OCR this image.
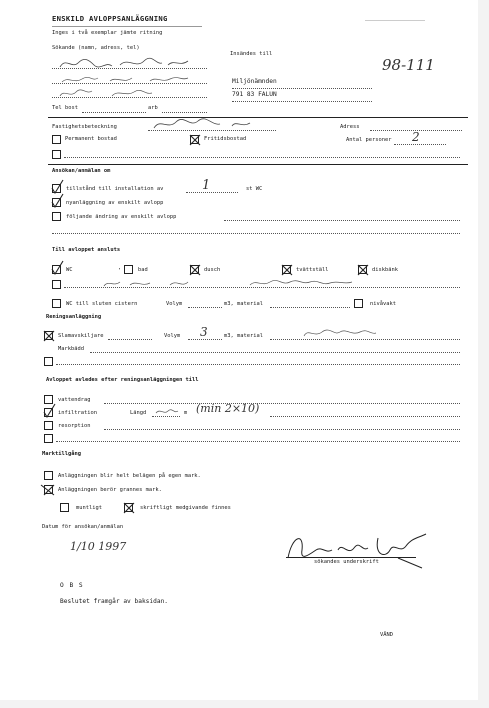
ENSKILD AVLOPPSANLÄGGNING
Inges i två exemplar jämte ritning
Sökande (namn, adress, tel)
Insändes till
98-111
Miljönämnden
791 83 FALUN
Tel bost	arb
Fastighetsbeteckning	Adress
Permanent bostad	Fritidsbostad	Antal personer 2
Ansökan/anmälan om
tillstånd till installation av	1	st WC
nyanläggning av enskilt avlopp
följande ändring av enskilt avlopp
Till avloppet ansluts
WC	,	bad	dusch	tvättställ	diskbänk
WC till sluten cistern	Volym	m3, material	nivåvakt
Reningsanläggning
Slamavskiljare	Volym 3	m3, material
Markbädd
Avloppet avledes efter reningsanläggningen till
vattendrag
infiltration	Längd	m (min 2×10)
resorption
Marktillgång
Anläggningen blir helt belägen på egen mark.
Anläggningen berör grannes mark.
muntligt	skriftligt medgivande finnes
Datum för ansökan/anmälan
1/10 1997
sökandes underskrift
O B S
Beslutet framgår av baksidan.
VÄND
